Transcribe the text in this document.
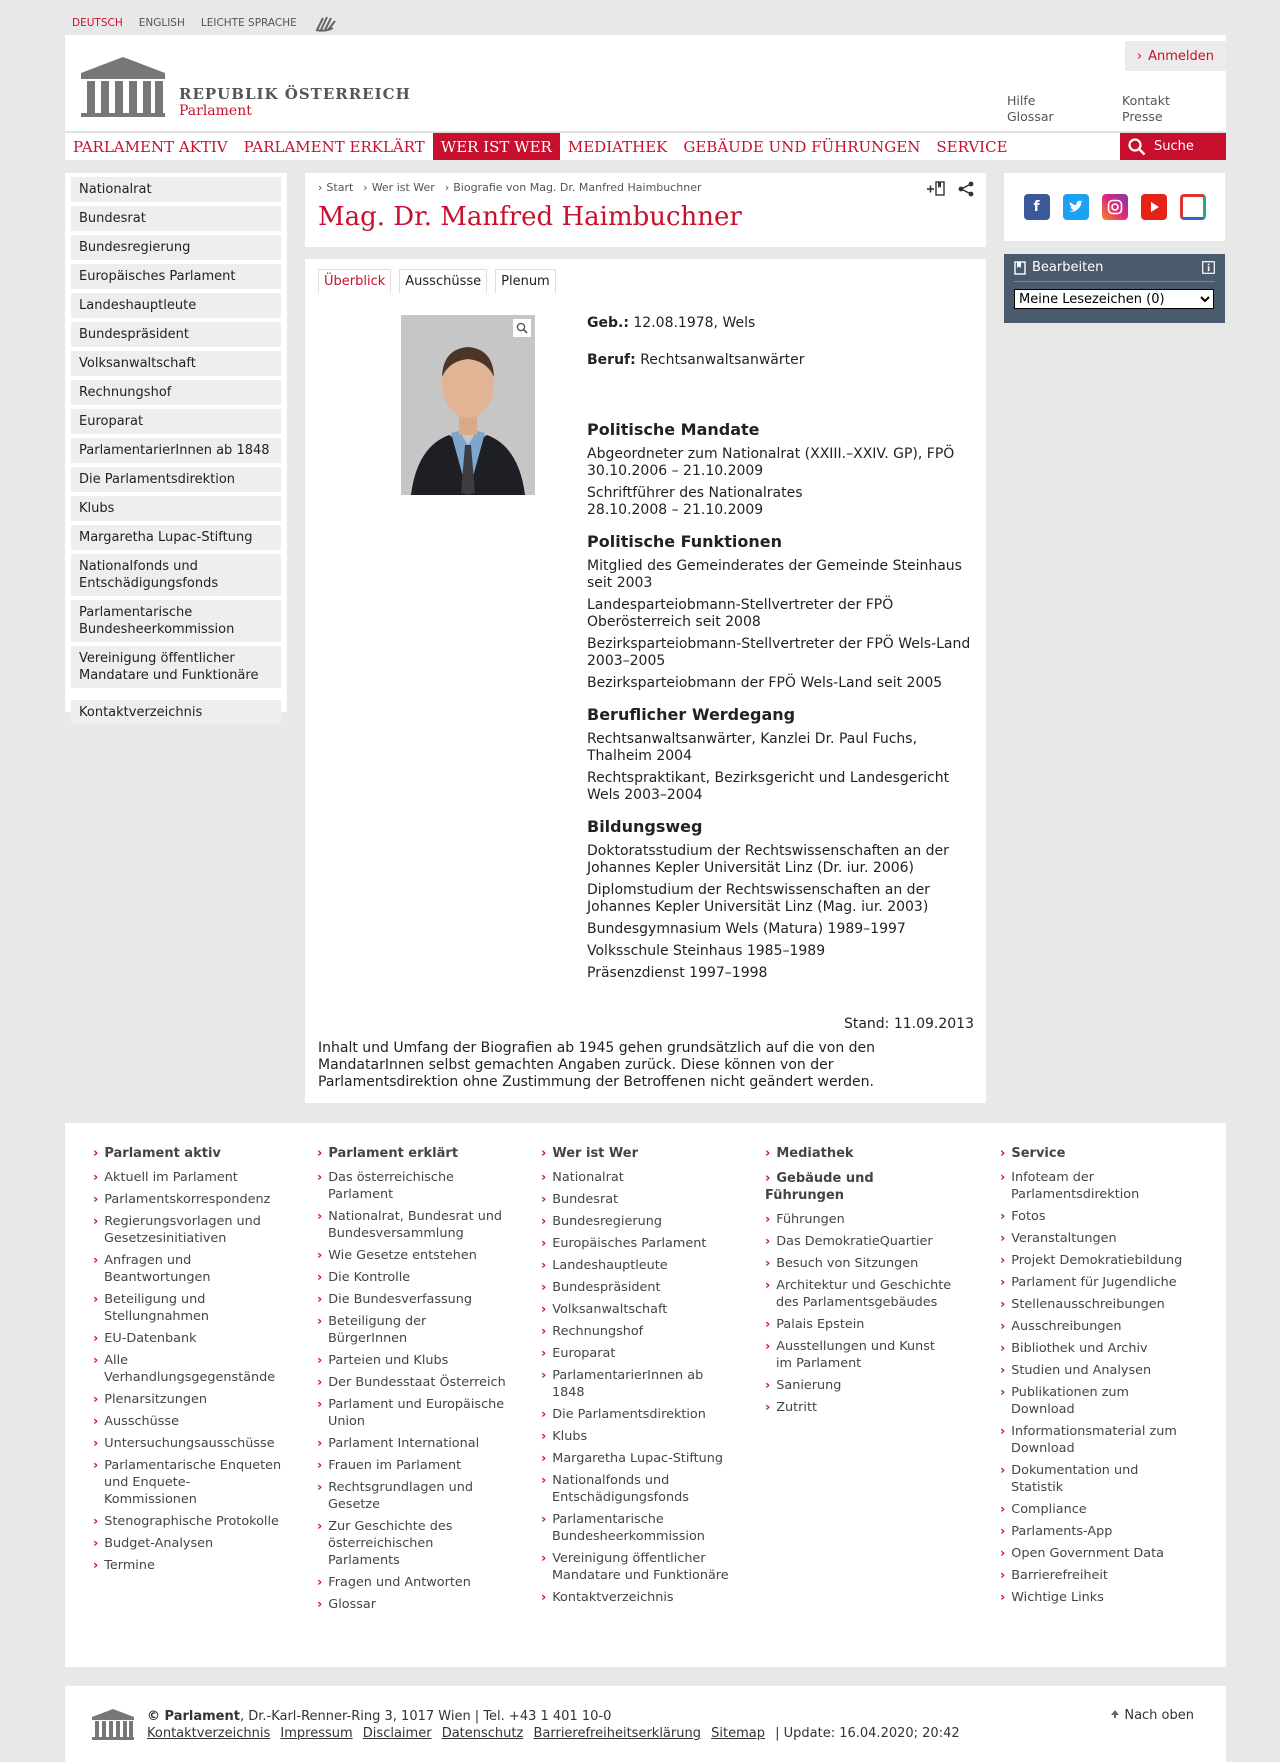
DEUTSCH ENGLISH LEICHTE SPRACHE
REPUBLIK ÖSTERREICH
Parlament
› Anmelden
Hilfe
Glossar
Kontakt
Presse
PARLAMENT AKTIV	PARLAMENT ERKLÄRT	WER IST WER	MEDIATHEK	GEBÄUDE UND FÜHRUNGEN	SERVICE	Suche
Nationalrat
Bundesrat
Bundesregierung
Europäisches Parlament
Landeshauptleute
Bundespräsident
Volksanwaltschaft
Rechnungshof
Europarat
ParlamentarierInnen ab 1848
Die Parlamentsdirektion
Klubs
Margaretha Lupac-Stiftung
Nationalfonds und Entschädigungsfonds
Parlamentarische Bundesheerkommission
Vereinigung öffentlicher Mandatare und Funktionäre
Kontaktverzeichnis
› Start	› Wer ist Wer	› Biografie von Mag. Dr. Manfred Haimbuchner
Mag. Dr. Manfred Haimbuchner
Überblick	Ausschüsse	Plenum
Geb.: 12.08.1978, Wels
Beruf: Rechtsanwaltsanwärter
Politische Mandate
Abgeordneter zum Nationalrat (XXIII.–XXIV. GP), FPÖ

30.10.2006 – 21.10.2009

Schriftführer des Nationalrates

28.10.2008 – 21.10.2009

Politische Funktionen

Mitglied des Gemeinderates der Gemeinde Steinhaus seit 2003

Landesparteiobmann-Stellvertreter der FPÖ Oberösterreich seit 2008

Bezirksparteiobmann-Stellvertreter der FPÖ Wels-Land 2003–2005

Bezirksparteiobmann der FPÖ Wels-Land seit 2005

Beruflicher Werdegang

Rechtsanwaltsanwärter, Kanzlei Dr. Paul Fuchs, Thalheim 2004

Rechtspraktikant, Bezirksgericht und Landesgericht Wels 2003–2004

Bildungsweg

Doktoratsstudium der Rechtswissenschaften an der Johannes Kepler Universität Linz (Dr. iur. 2006)

Diplomstudium der Rechtswissenschaften an der Johannes Kepler Universität Linz (Mag. iur. 2003)

Bundesgymnasium Wels (Matura) 1989–1997

Volksschule Steinhaus 1985–1989

Präsenzdienst 1997–1998

Stand: 11.09.2013
Inhalt und Umfang der Biografien ab 1945 gehen grundsätzlich auf die von den MandatarInnen selbst gemachten Angaben zurück. Diese können von der Parlamentsdirektion ohne Zustimmung der Betroffenen nicht geändert werden.
f
Bearbeiten
Meine Lesezeichen (0)
› Parlament aktiv
› Aktuell im Parlament
› Parlamentskorrespondenz
› Regierungsvorlagen und Gesetzesinitiativen
› Anfragen und Beantwortungen
› Beteiligung und Stellungnahmen
› EU-Datenbank
› Alle Verhandlungsgegenstände
› Plenarsitzungen
› Ausschüsse
› Untersuchungsausschüsse
› Parlamentarische Enqueten und Enquete-Kommissionen
› Stenographische Protokolle
› Budget-Analysen
› Termine
› Parlament erklärt
› Das österreichische Parlament
› Nationalrat, Bundesrat und Bundesversammlung
› Wie Gesetze entstehen
› Die Kontrolle
› Die Bundesverfassung
› Beteiligung der BürgerInnen
› Parteien und Klubs
› Der Bundesstaat Österreich
› Parlament und Europäische Union
› Parlament International
› Frauen im Parlament
› Rechtsgrundlagen und Gesetze
› Zur Geschichte des österreichischen Parlaments
› Fragen und Antworten
› Glossar
› Wer ist Wer
› Nationalrat
› Bundesrat
› Bundesregierung
› Europäisches Parlament
› Landeshauptleute
› Bundespräsident
› Volksanwaltschaft
› Rechnungshof
› Europarat
› ParlamentarierInnen ab 1848
› Die Parlamentsdirektion
› Klubs
› Margaretha Lupac-Stiftung
› Nationalfonds und Entschädigungsfonds
› Parlamentarische Bundesheerkommission
› Vereinigung öffentlicher Mandatare und Funktionäre
› Kontaktverzeichnis
› Mediathek
› Gebäude und Führungen
› Führungen
› Das DemokratieQuartier
› Besuch von Sitzungen
› Architektur und Geschichte des Parlamentsgebäudes
› Palais Epstein
› Ausstellungen und Kunst im Parlament
› Sanierung
› Zutritt
› Service
› Infoteam der Parlamentsdirektion
› Fotos
› Veranstaltungen
› Projekt Demokratiebildung
› Parlament für Jugendliche
› Stellenausschreibungen
› Ausschreibungen
› Bibliothek und Archiv
› Studien und Analysen
› Publikationen zum Download
› Informationsmaterial zum Download
› Dokumentation und Statistik
› Compliance
› Parlaments-App
› Open Government Data
› Barrierefreiheit
› Wichtige Links
© Parlament, Dr.-Karl-Renner-Ring 3, 1017 Wien | Tel. +43 1 401 10-0
Kontaktverzeichnis Impressum Disclaimer Datenschutz Barrierefreiheitserklärung Sitemap | Update: 16.04.2020; 20:42
Nach oben
